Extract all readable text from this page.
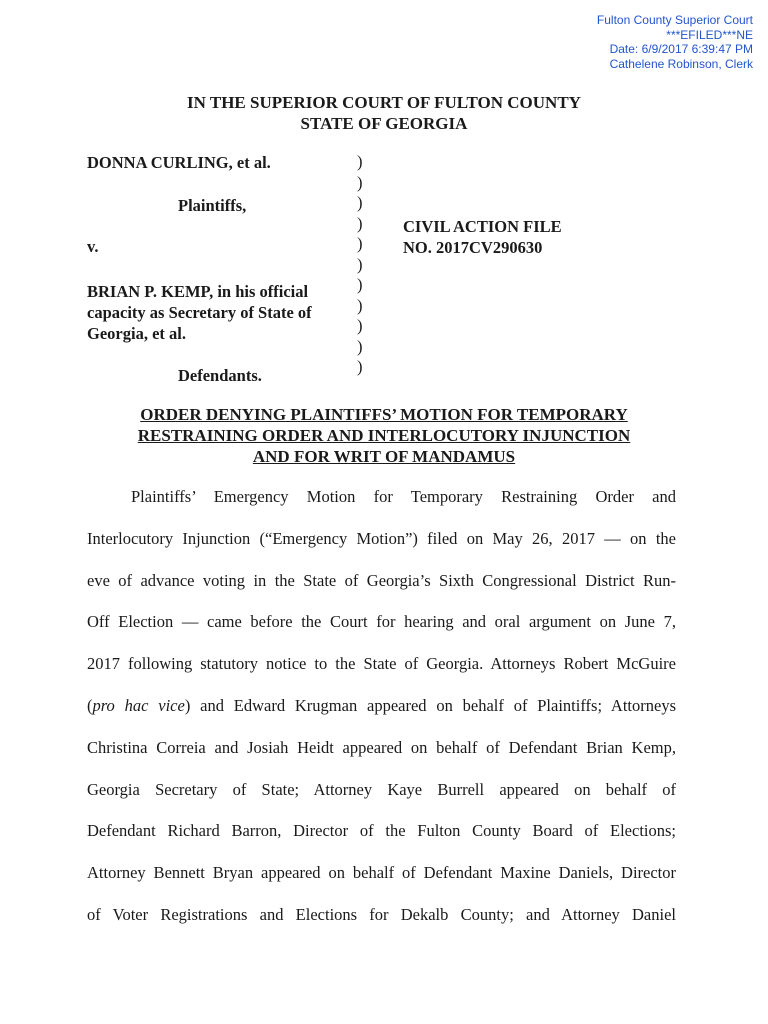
Fulton County Superior Court
***EFILED***NE
Date: 6/9/2017 6:39:47 PM
Cathelene Robinson, Clerk
IN THE SUPERIOR COURT OF FULTON COUNTY
STATE OF GEORGIA
DONNA CURLING, et al.
Plaintiffs,
v.
BRIAN P. KEMP, in his official
capacity as Secretary of State of
Georgia, et al.
Defendants.
CIVIL ACTION FILE
NO. 2017CV290630
)
)
)
)
)
)
)
)
)
)
)
ORDER DENYING PLAINTIFFS’ MOTION FOR TEMPORARY
RESTRAINING ORDER AND INTERLOCUTORY INJUNCTION
AND FOR WRIT OF MANDAMUS
Plaintiffs’ Emergency Motion for Temporary Restraining Order and
Interlocutory Injunction (“Emergency Motion”) filed on May 26, 2017 — on the
eve of advance voting in the State of Georgia’s Sixth Congressional District Run-
Off Election — came before the Court for hearing and oral argument on June 7,
2017 following statutory notice to the State of Georgia. Attorneys Robert McGuire
(pro hac vice) and Edward Krugman appeared on behalf of Plaintiffs; Attorneys
Christina Correia and Josiah Heidt appeared on behalf of Defendant Brian Kemp,
Georgia Secretary of State; Attorney Kaye Burrell appeared on behalf of
Defendant Richard Barron, Director of the Fulton County Board of Elections;
Attorney Bennett Bryan appeared on behalf of Defendant Maxine Daniels, Director
of Voter Registrations and Elections for Dekalb County; and Attorney Daniel
